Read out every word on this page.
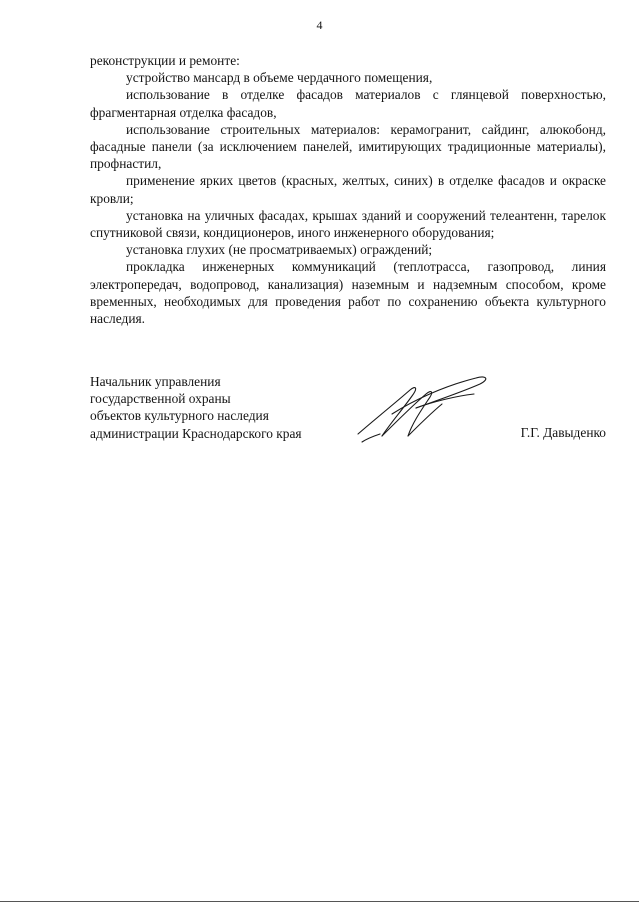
4

реконструкции и ремонте:

устройство мансард в объеме чердачного помещения,

использование в отделке фасадов материалов с глянцевой поверхностью, фрагментарная отделка фасадов,

использование строительных материалов: керамогранит, сайдинг, алюкобонд, фасадные панели (за исключением панелей, имитирующих традиционные материалы), профнастил,

применение ярких цветов (красных, желтых, синих) в отделке фасадов и окраске кровли;

установка на уличных фасадах, крышах зданий и сооружений телеантенн, тарелок спутниковой связи, кондиционеров, иного инженерного оборудования;

установка глухих (не просматриваемых) ограждений;

прокладка инженерных коммуникаций (теплотрасса, газопровод, линия электропередач, водопровод, канализация) наземным и надземным способом, кроме временных, необходимых для проведения работ по сохранению объекта культурного наследия.

Начальник управления
государственной охраны
объектов культурного наследия
администрации Краснодарского края	Г.Г. Давыденко
